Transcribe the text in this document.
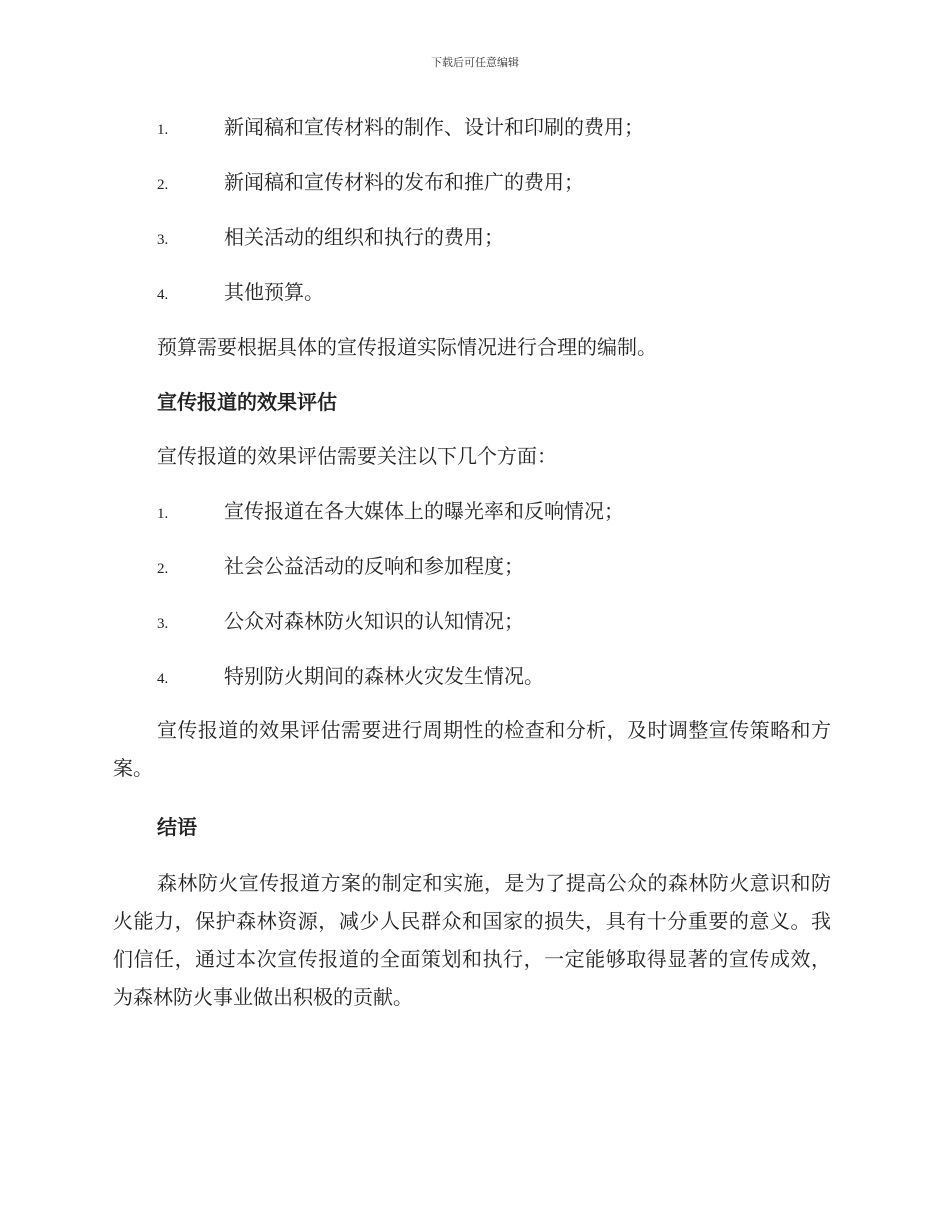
下载后可任意编辑
1.	新闻稿和宣传材料的制作、设计和印刷的费用；
2.	新闻稿和宣传材料的发布和推广的费用；
3.	相关活动的组织和执行的费用；
4.	其他预算。
预算需要根据具体的宣传报道实际情况进行合理的编制。
宣传报道的效果评估
宣传报道的效果评估需要关注以下几个方面：
1.	宣传报道在各大媒体上的曝光率和反响情况；
2.	社会公益活动的反响和参加程度；
3.	公众对森林防火知识的认知情况；
4.	特别防火期间的森林火灾发生情况。
宣传报道的效果评估需要进行周期性的检查和分析，及时调整宣传策略和方案。
结语
森林防火宣传报道方案的制定和实施，是为了提高公众的森林防火意识和防火能力，保护森林资源，减少人民群众和国家的损失，具有十分重要的意义。我们信任，通过本次宣传报道的全面策划和执行，一定能够取得显著的宣传成效，为森林防火事业做出积极的贡献。
